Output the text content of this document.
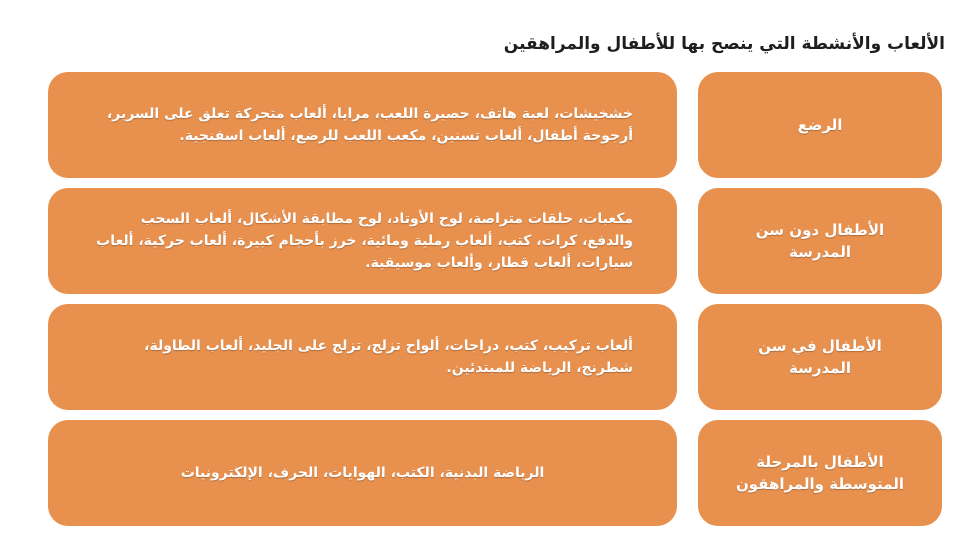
الألعاب والأنشطة التي ينصح بها للأطفال والمراهقين
الرضع
خشخيشات، لعبة هاتف، حصيرة اللعب، مرايا، ألعاب متحركة تعلق على السرير، أرجوحة أطفال، ألعاب تسنين، مكعب اللعب للرضع، ألعاب اسفنجية.
الأطفال دون سن المدرسة
مكعبات، حلقات متراصة، لوح الأوتاد، لوح مطابقة الأشكال، ألعاب السحب والدفع، كرات، كتب، ألعاب رملية ومائية، خرز بأحجام كبيرة، ألعاب حركية، ألعاب سيارات، ألعاب قطار، وألعاب موسيقية.
الأطفال في سن المدرسة
ألعاب تركيب، كتب، دراجات، ألواح تزلج، تزلج على الجليد، ألعاب الطاولة، شطرنج، الرياضة للمبتدئين.
الأطفال بالمرحلة المتوسطة والمراهقون
الرياضة البدنية، الكتب، الهوايات، الحرف، الإلكترونيات
